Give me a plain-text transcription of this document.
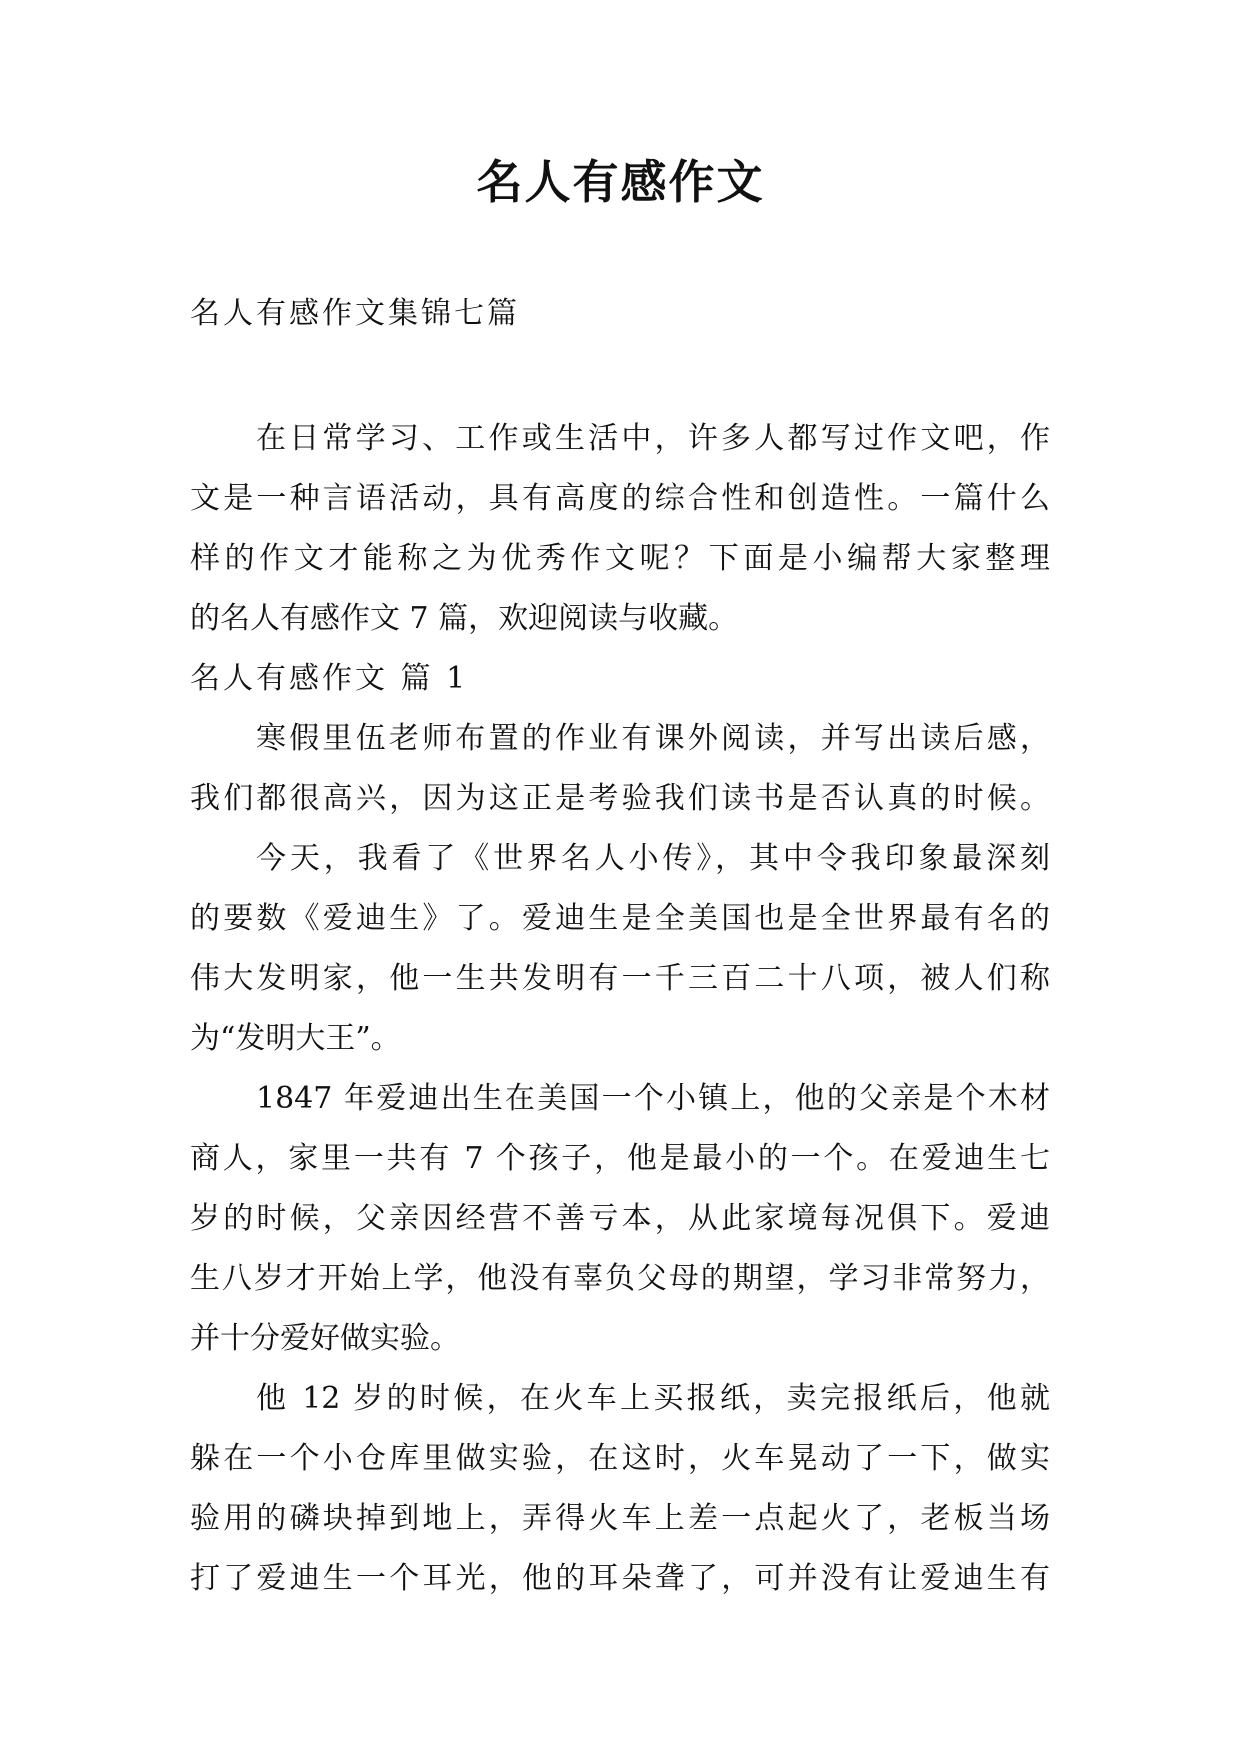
名人有感作文
名人有感作文集锦七篇
在日常学习、工作或生活中，许多人都写过作文吧，作
文是一种言语活动，具有高度的综合性和创造性。一篇什么
样的作文才能称之为优秀作文呢？下面是小编帮大家整理
的名人有感作文 7 篇，欢迎阅读与收藏。
名人有感作文 篇 1
寒假里伍老师布置的作业有课外阅读，并写出读后感，
我们都很高兴，因为这正是考验我们读书是否认真的时候。
今天，我看了《世界名人小传》，其中令我印象最深刻
的要数《爱迪生》了。爱迪生是全美国也是全世界最有名的
伟大发明家，他一生共发明有一千三百二十八项，被人们称
为“发明大王”。
1847 年爱迪出生在美国一个小镇上，他的父亲是个木材
商人，家里一共有 7 个孩子，他是最小的一个。在爱迪生七
岁的时候，父亲因经营不善亏本，从此家境每况俱下。爱迪
生八岁才开始上学，他没有辜负父母的期望，学习非常努力，
并十分爱好做实验。
他 12 岁的时候，在火车上买报纸，卖完报纸后，他就
躲在一个小仓库里做实验，在这时，火车晃动了一下，做实
验用的磷块掉到地上，弄得火车上差一点起火了，老板当场
打了爱迪生一个耳光，他的耳朵聋了，可并没有让爱迪生有
